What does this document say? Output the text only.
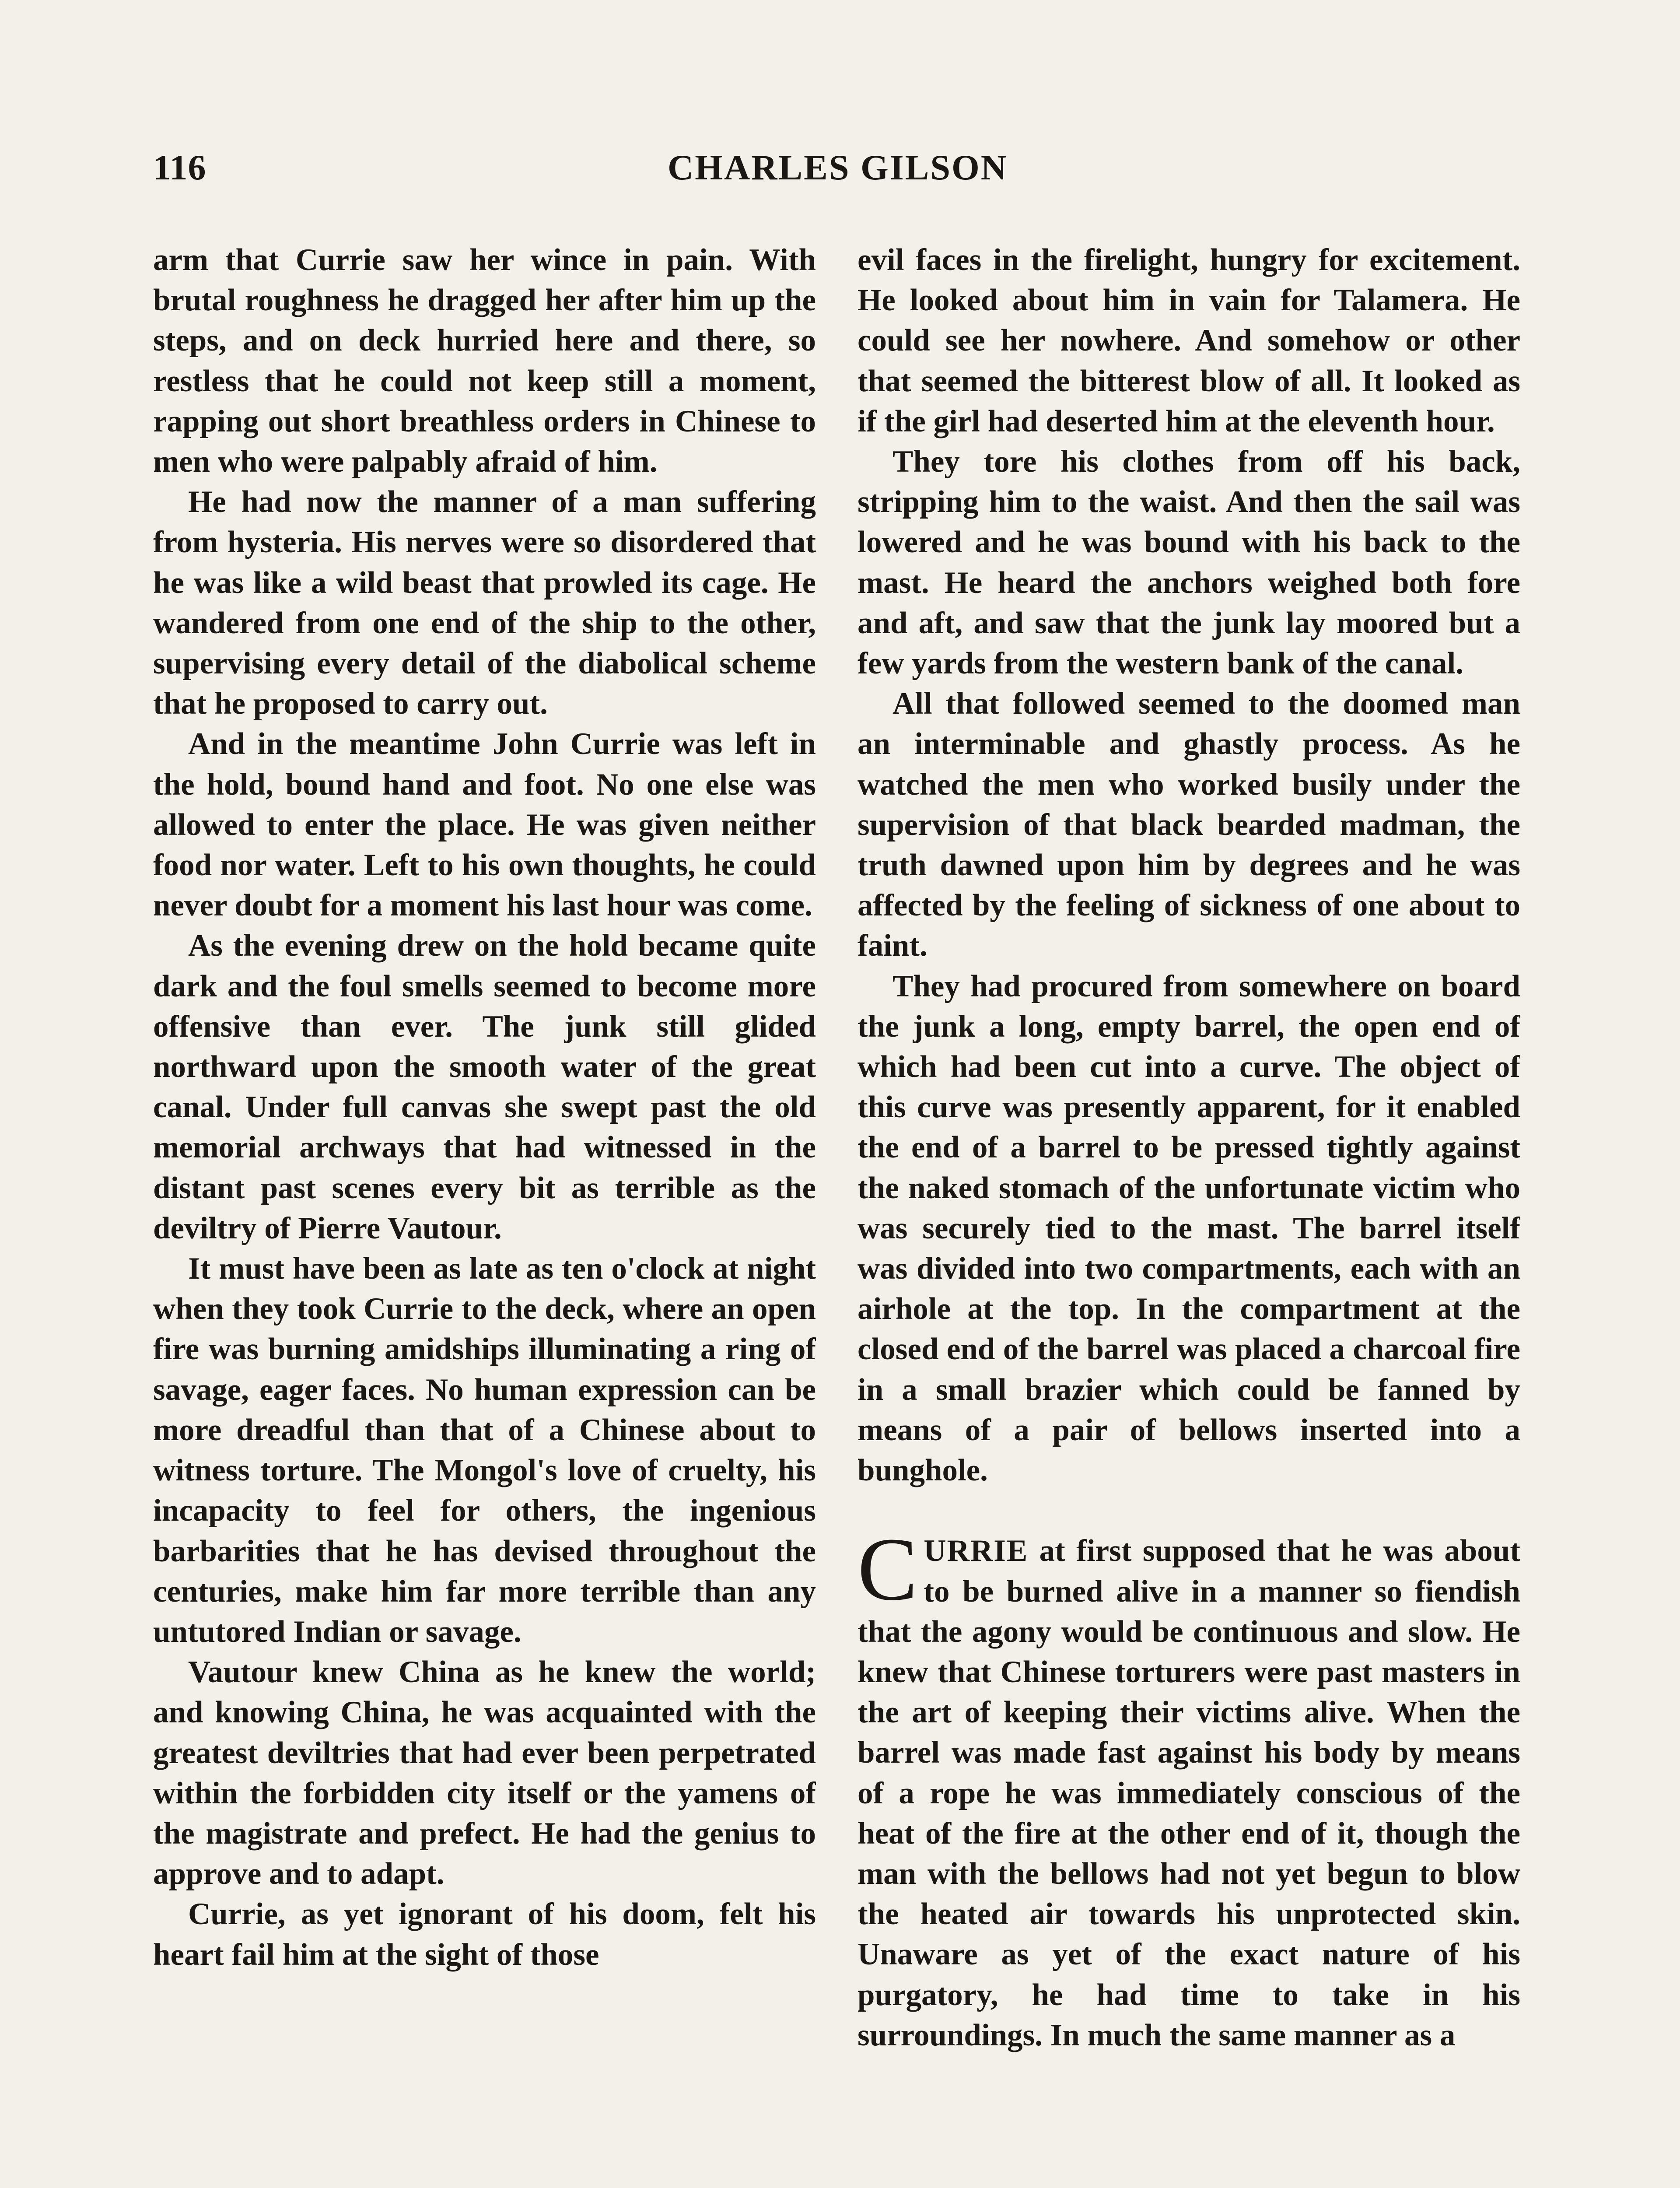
116	CHARLES GILSON

arm that Currie saw her wince in pain. With brutal roughness he dragged her after him up the steps, and on deck hurried here and there, so restless that he could not keep still a moment, rapping out short breathless orders in Chinese to men who were palpably afraid of him.

He had now the manner of a man suffering from hysteria. His nerves were so disordered that he was like a wild beast that prowled its cage. He wandered from one end of the ship to the other, supervising every detail of the diabolical scheme that he proposed to carry out.

And in the meantime John Currie was left in the hold, bound hand and foot. No one else was allowed to enter the place. He was given neither food nor water. Left to his own thoughts, he could never doubt for a moment his last hour was come.

As the evening drew on the hold became quite dark and the foul smells seemed to become more offensive than ever. The junk still glided northward upon the smooth water of the great canal. Under full canvas she swept past the old memorial archways that had witnessed in the distant past scenes every bit as terrible as the deviltry of Pierre Vautour.

It must have been as late as ten o'clock at night when they took Currie to the deck, where an open fire was burning amidships illuminating a ring of savage, eager faces. No human expression can be more dreadful than that of a Chinese about to witness torture. The Mongol's love of cruelty, his incapacity to feel for others, the ingenious barbarities that he has devised throughout the centuries, make him far more terrible than any untutored Indian or savage.

Vautour knew China as he knew the world; and knowing China, he was acquainted with the greatest deviltries that had ever been perpetrated within the forbidden city itself or the yamens of the magistrate and prefect. He had the genius to approve and to adapt.

Currie, as yet ignorant of his doom, felt his heart fail him at the sight of those

evil faces in the firelight, hungry for excitement. He looked about him in vain for Talamera. He could see her nowhere. And somehow or other that seemed the bitterest blow of all. It looked as if the girl had deserted him at the eleventh hour.

They tore his clothes from off his back, stripping him to the waist. And then the sail was lowered and he was bound with his back to the mast. He heard the anchors weighed both fore and aft, and saw that the junk lay moored but a few yards from the western bank of the canal.

All that followed seemed to the doomed man an interminable and ghastly process. As he watched the men who worked busily under the supervision of that black bearded madman, the truth dawned upon him by degrees and he was affected by the feeling of sickness of one about to faint.

They had procured from somewhere on board the junk a long, empty barrel, the open end of which had been cut into a curve. The object of this curve was presently apparent, for it enabled the end of a barrel to be pressed tightly against the naked stomach of the unfortunate victim who was securely tied to the mast. The barrel itself was divided into two compartments, each with an airhole at the top. In the compartment at the closed end of the barrel was placed a charcoal fire in a small brazier which could be fanned by means of a pair of bellows inserted into a bunghole.

CURRIE at first supposed that he was about to be burned alive in a manner so fiendish that the agony would be continuous and slow. He knew that Chinese torturers were past masters in the art of keeping their victims alive. When the barrel was made fast against his body by means of a rope he was immediately conscious of the heat of the fire at the other end of it, though the man with the bellows had not yet begun to blow the heated air towards his unprotected skin. Unaware as yet of the exact nature of his purgatory, he had time to take in his surroundings. In much the same manner as a
